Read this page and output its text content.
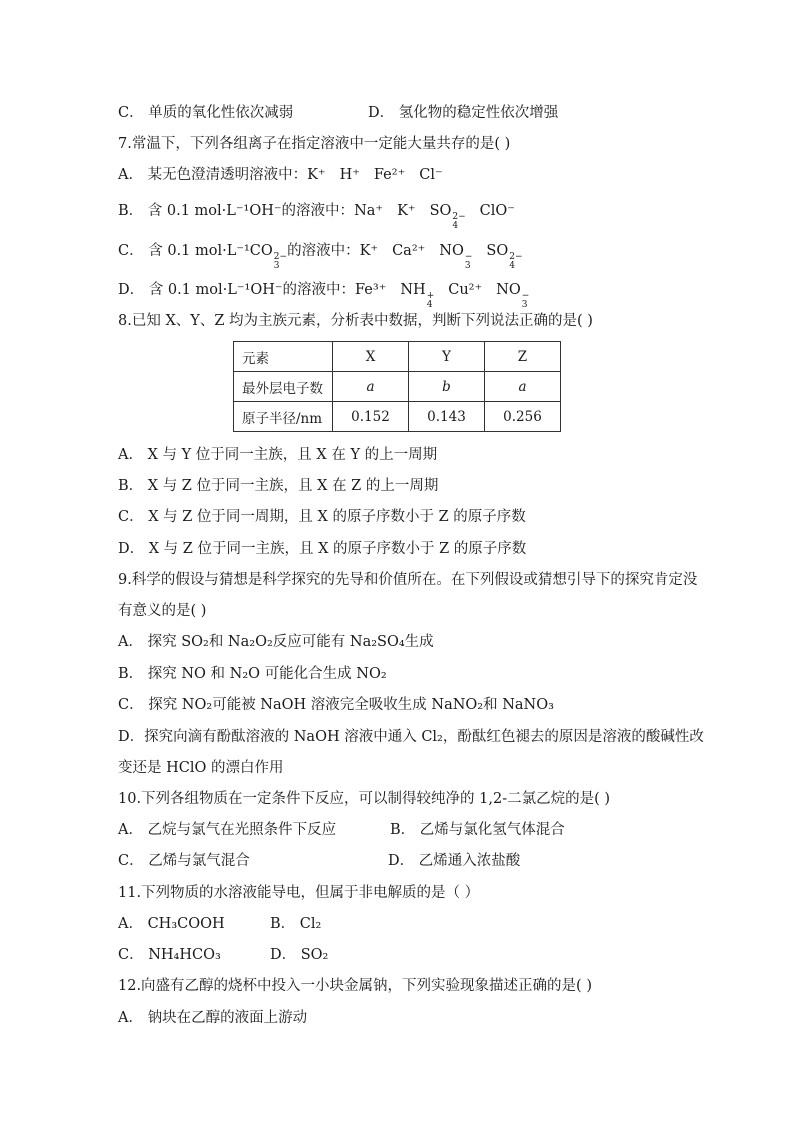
C． 单质的氧化性依次减弱	D． 氢化物的稳定性依次增强
7.常温下，下列各组离子在指定溶液中一定能大量共存的是( )
A． 某无色澄清透明溶液中：K⁺ H⁺ Fe²⁺ Cl⁻
B． 含 0.1 mol·L⁻¹OH⁻的溶液中：Na⁺ K⁺ SO 2−
4
ClO⁻
C． 含 0.1 mol·L⁻¹CO 2−
3
的溶液中：K⁺ Ca²⁺ NO −
3
SO 2−
4
D． 含 0.1 mol·L⁻¹OH⁻的溶液中：Fe³⁺ NH +
4
Cu²⁺ NO −
3
8.已知 X、Y、Z 均为主族元素，分析表中数据，判断下列说法正确的是( )
元素	X	Y	Z
最外层电子数	a	b	a
原子半径/nm	0.152	0.143	0.256
A． X 与 Y 位于同一主族，且 X 在 Y 的上一周期
B． X 与 Z 位于同一主族，且 X 在 Z 的上一周期
C． X 与 Z 位于同一周期，且 X 的原子序数小于 Z 的原子序数
D． X 与 Z 位于同一主族，且 X 的原子序数小于 Z 的原子序数
9.科学的假设与猜想是科学探究的先导和价值所在。在下列假设或猜想引导下的探究肯定没
有意义的是( )
A． 探究 SO₂和 Na₂O₂反应可能有 Na₂SO₄生成
B． 探究 NO 和 N₂O 可能化合生成 NO₂
C． 探究 NO₂可能被 NaOH 溶液完全吸收生成 NaNO₂和 NaNO₃
D．探究向滴有酚酞溶液的 NaOH 溶液中通入 Cl₂，酚酞红色褪去的原因是溶液的酸碱性改
变还是 HClO 的漂白作用
10.下列各组物质在一定条件下反应，可以制得较纯净的 1,2-二氯乙烷的是( )
A． 乙烷与氯气在光照条件下反应	B． 乙烯与氯化氢气体混合
C． 乙烯与氯气混合	D． 乙烯通入浓盐酸
11.下列物质的水溶液能导电，但属于非电解质的是（ ）
A． CH₃COOH	B． Cl₂
C． NH₄HCO₃	D． SO₂
12.向盛有乙醇的烧杯中投入一小块金属钠，下列实验现象描述正确的是( )
A． 钠块在乙醇的液面上游动
